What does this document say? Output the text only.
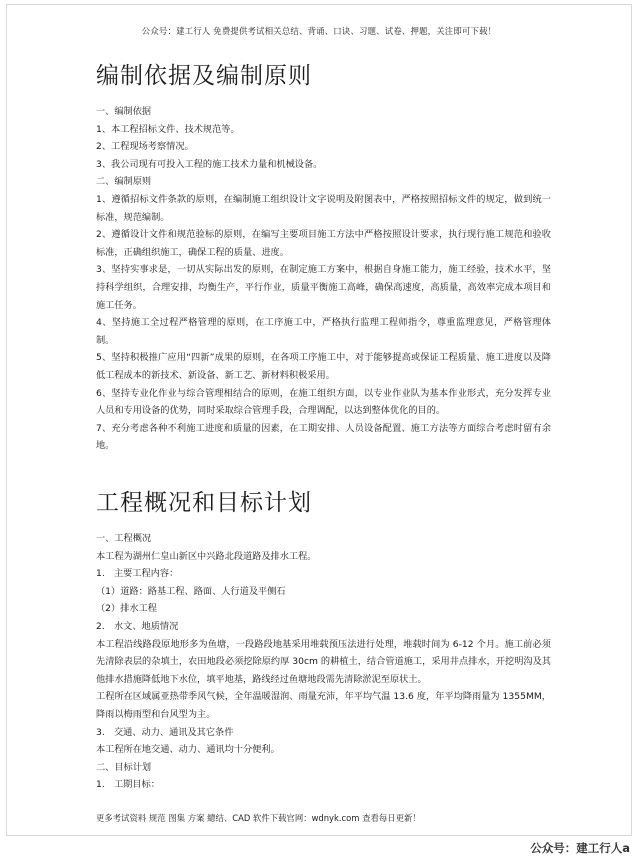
公众号：建工行人 免费提供考试相关总结、背诵、口诀、习题、试卷、押题，关注即可下载！
编制依据及编制原则

一、编制依据

1、本工程招标文件、技术规范等。

2、工程现场考察情况。

3、我公司现有可投入工程的施工技术力量和机械设备。

二、编制原则

1、遵循招标文件条款的原则，在编制施工组织设计文字说明及附图表中，严格按照招标文件的规定，做到统一标准，规范编制。

2、遵循设计文件和规范验标的原则，在编写主要项目施工方法中严格按照设计要求，执行现行施工规范和验收标准，正确组织施工，确保工程的质量、进度。

3、坚持实事求是，一切从实际出发的原则，在制定施工方案中，根据自身施工能力，施工经验，技术水平，坚持科学组织，合理安排，均衡生产，平行作业，质量平衡施工高峰，确保高速度，高质量，高效率完成本项目和施工任务。

4、坚持施工全过程严格管理的原则，在工序施工中，严格执行监理工程师指令，尊重监理意见，严格管理体制。

5、坚持积极推广应用“四新”成果的原则，在各项工序施工中，对于能够提高或保证工程质量、施工进度以及降低工程成本的新技术、新设备、新工艺、新材料积极采用。

6、坚持专业化作业与综合管理相结合的原则，在施工组织方面，以专业作业队为基本作业形式，充分发挥专业人员和专用设备的优势，同时采取综合管理手段，合理调配，以达到整体优化的目的。

7、充分考虑各种不利施工进度和质量的因素，在工期安排、人员设备配置、施工方法等方面综合考虑时留有余地。

工程概况和目标计划

一、工程概况

本工程为湖州仁皇山新区中兴路北段道路及排水工程。

1.　主要工程内容：

（1）道路：路基工程、路面、人行道及平侧石

（2）排水工程

2.　水文、地质情况

本工程沿线路段原地形多为鱼塘，一段路段地基采用堆载预压法进行处理，堆载时间为 6-12 个月。施工前必须先清除表层的杂填土，农田地段必须挖除原约厚 30cm 的耕植土，结合管道施工，采用井点排水，开挖明沟及其他排水措施降低地下水位，填平地基，路线经过鱼塘地段需先清除淤泥至原状土。

工程所在区域属亚热带季风气候，全年温暖湿润、雨量充沛，年平均气温 13.6 度，年平均降雨量为 1355MM，降雨以梅雨型和台风型为主。

3.　交通、动力、通讯及其它条件

本工程所在地交通、动力、通讯均十分便利。

二、目标计划

1.　工期目标：

更多考试资料 规范 图集 方案 總结、CAD 软件下载官网：wdnyk.com 查看每日更新！
公众号：建工行人a
